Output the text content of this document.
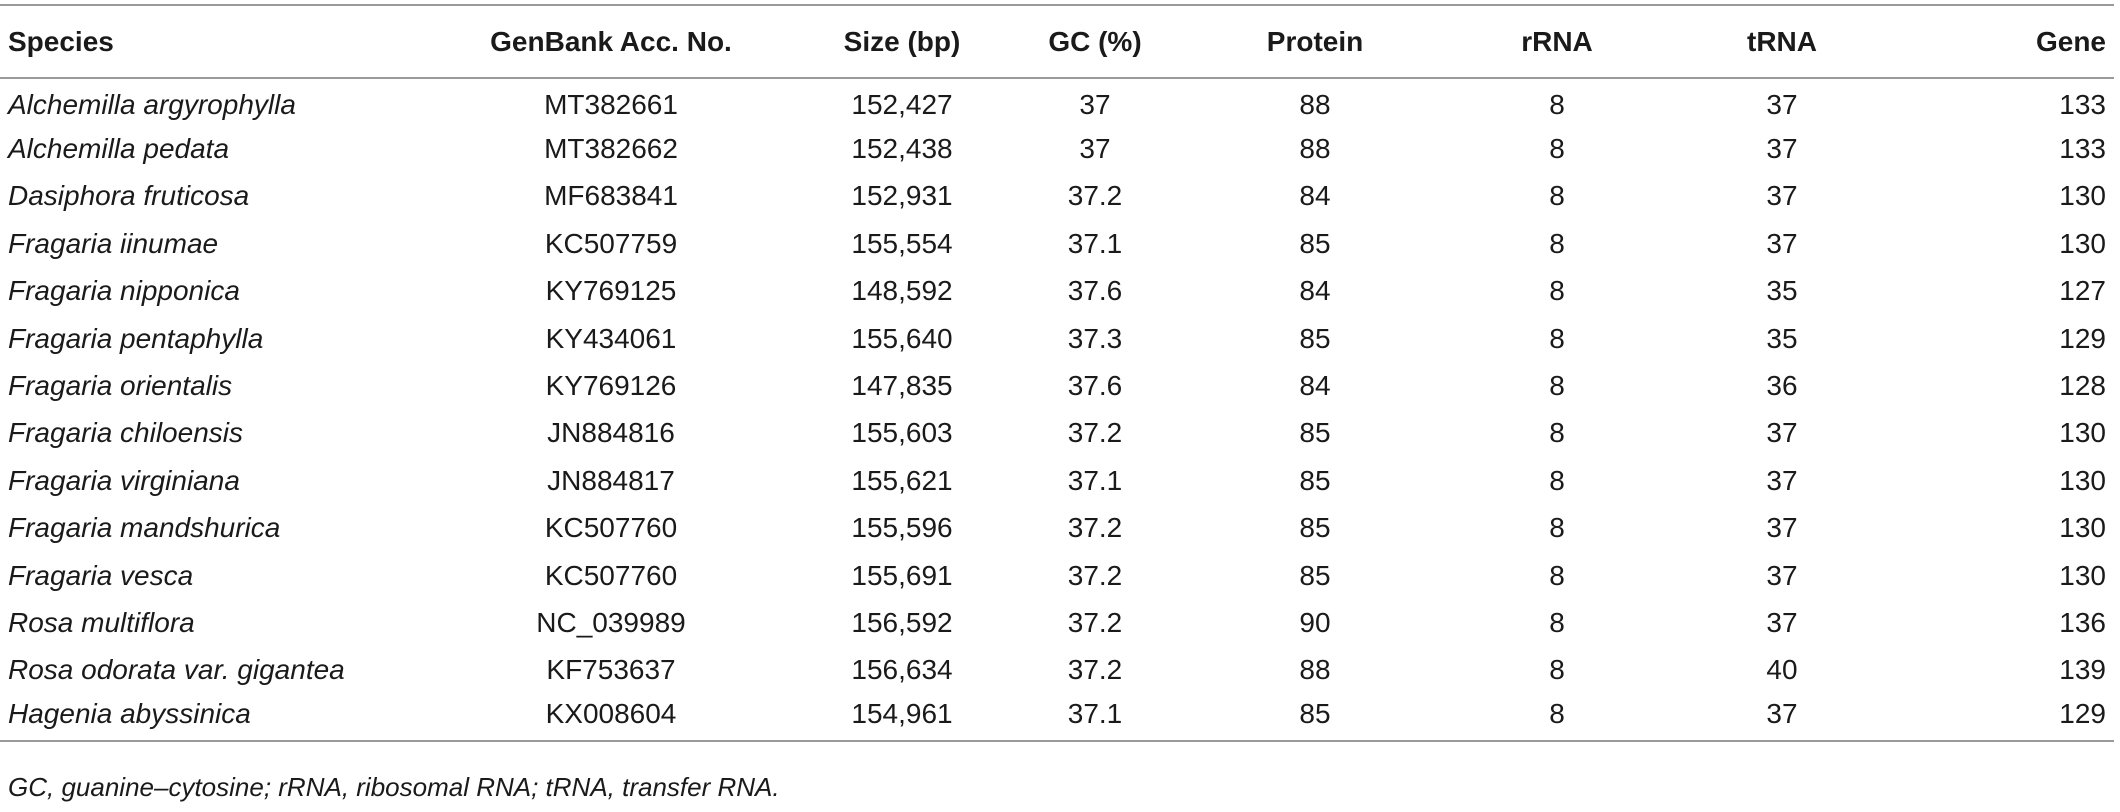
Species	GenBank Acc. No.	Size (bp)	GC (%)	Protein	rRNA	tRNA	Gene
Alchemilla argyrophylla	MT382661	152,427	37	88	8	37	133
Alchemilla pedata	MT382662	152,438	37	88	8	37	133
Dasiphora fruticosa	MF683841	152,931	37.2	84	8	37	130
Fragaria iinumae	KC507759	155,554	37.1	85	8	37	130
Fragaria nipponica	KY769125	148,592	37.6	84	8	35	127
Fragaria pentaphylla	KY434061	155,640	37.3	85	8	35	129
Fragaria orientalis	KY769126	147,835	37.6	84	8	36	128
Fragaria chiloensis	JN884816	155,603	37.2	85	8	37	130
Fragaria virginiana	JN884817	155,621	37.1	85	8	37	130
Fragaria mandshurica	KC507760	155,596	37.2	85	8	37	130
Fragaria vesca	KC507760	155,691	37.2	85	8	37	130
Rosa multiflora	NC_039989	156,592	37.2	90	8	37	136
Rosa odorata var. gigantea	KF753637	156,634	37.2	88	8	40	139
Hagenia abyssinica	KX008604	154,961	37.1	85	8	37	129
GC, guanine–cytosine; rRNA, ribosomal RNA; tRNA, transfer RNA.
